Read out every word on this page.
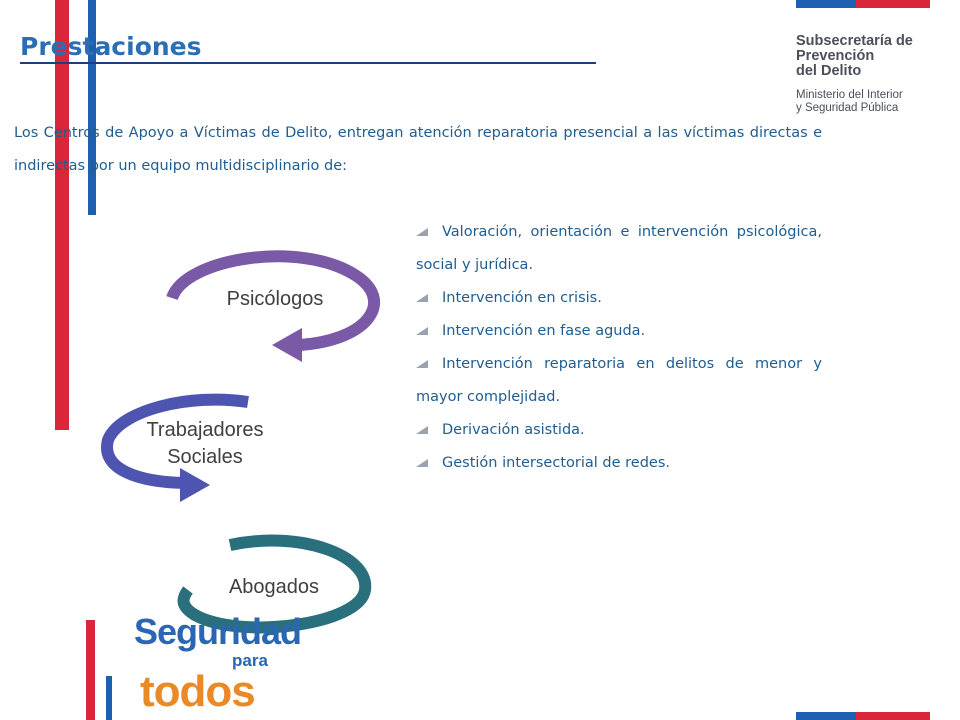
Subsecretaría de
Prevención
del Delito
Ministerio del Interior
y Seguridad Pública
Prestaciones
Los Centros de Apoyo a Víctimas de Delito, entregan atención reparatoria presencial a las víctimas directas e indirectas por un equipo multidisciplinario de:
Psicólogos
Trabajadores
Sociales
Abogados
Valoración, orientación e intervención psicológica, social y jurídica.
Intervención en crisis.
Intervención en fase aguda.
Intervención reparatoria en delitos de menor y mayor complejidad.
Derivación asistida.
Gestión intersectorial de redes.
Seguridad
para
todos
